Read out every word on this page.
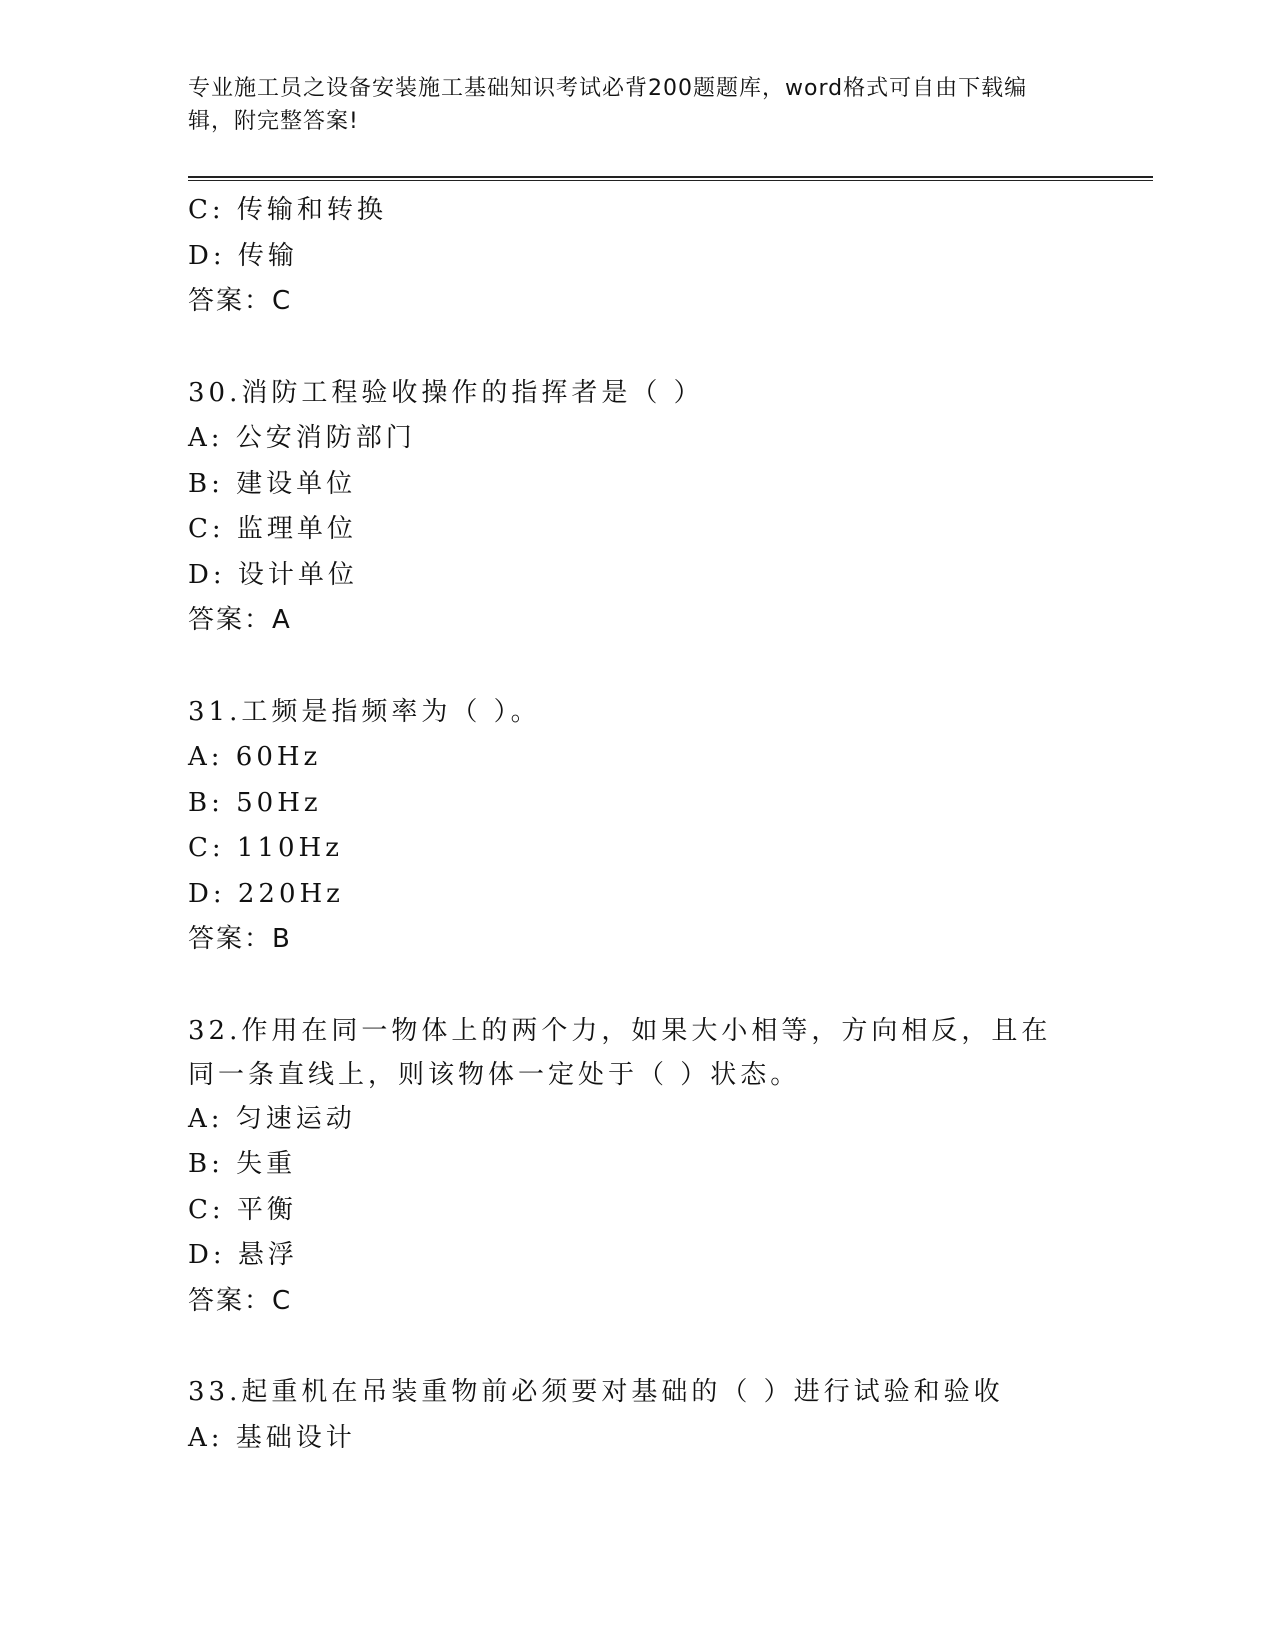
专业施工员之设备安装施工基础知识考试必背200题题库，word格式可自由下载编辑，附完整答案!
C: 传输和转换
D: 传输
答案：C
30.消防工程验收操作的指挥者是（ ）
A: 公安消防部门
B: 建设单位
C: 监理单位
D: 设计单位
答案：A
31.工频是指频率为（ ）。
A: 60Hz
B: 50Hz
C: 110Hz
D: 220Hz
答案：B
32.作用在同一物体上的两个力，如果大小相等，方向相反，且在同一条直线上，则该物体一定处于（ ）状态。
A: 匀速运动
B: 失重
C: 平衡
D: 悬浮
答案：C
33.起重机在吊装重物前必须要对基础的（ ）进行试验和验收
A: 基础设计
